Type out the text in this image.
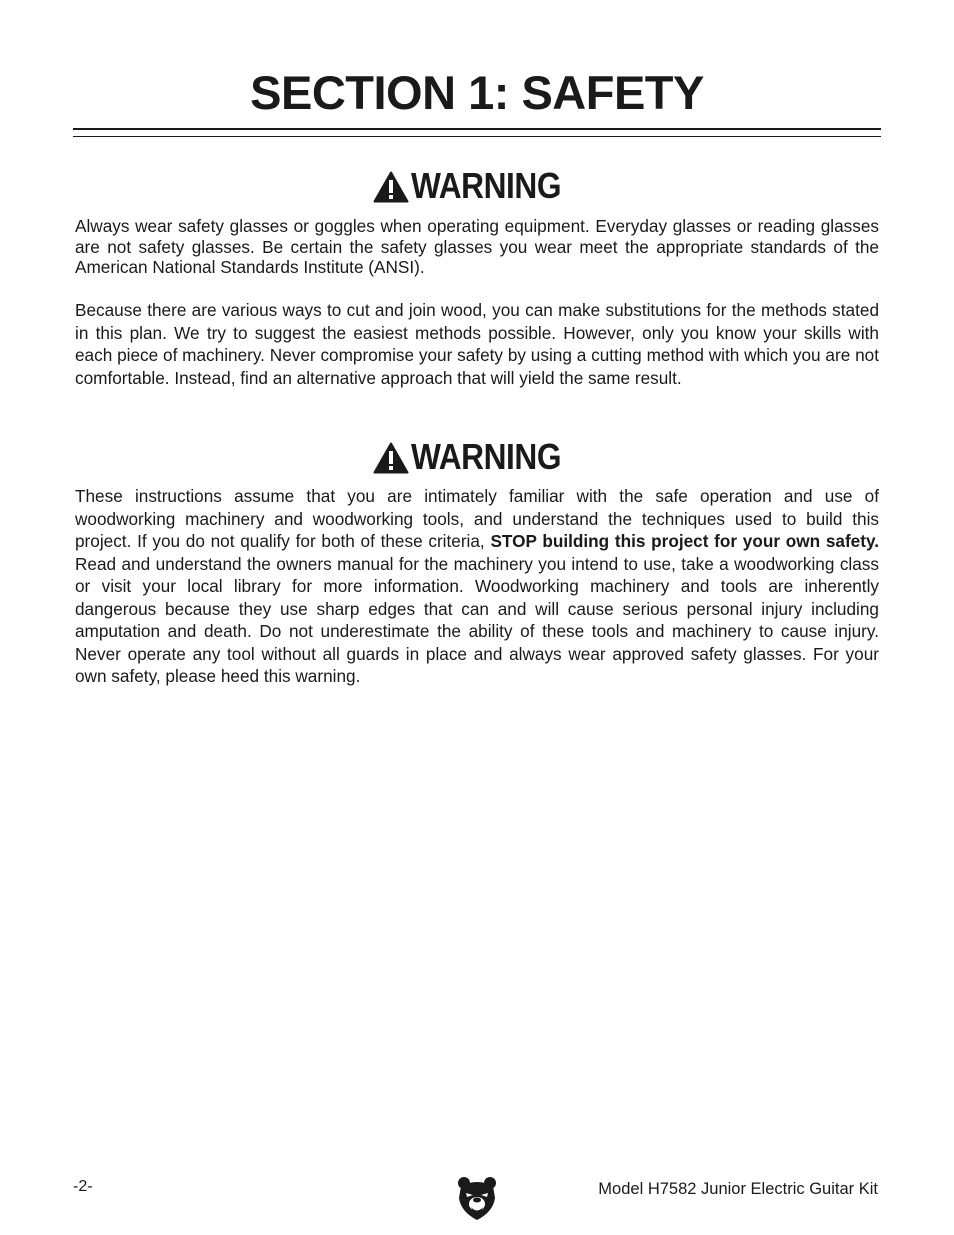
SECTION 1: SAFETY
WARNING

Always wear safety glasses or goggles when operating equipment. Everyday glasses or reading glasses are not safety glasses. Be certain the safety glasses you wear meet the appropriate standards of the American National Standards Institute (ANSI).

Because there are various ways to cut and join wood, you can make substitutions for the methods stated in this plan. We try to suggest the easiest methods possible. However, only you know your skills with each piece of machinery. Never compromise your safety by using a cutting method with which you are not comfortable. Instead, find an alternative approach that will yield the same result.

WARNING

These instructions assume that you are intimately familiar with the safe operation and use of woodworking machinery and woodworking tools, and understand the techniques used to build this project. If you do not qualify for both of these criteria, STOP building this project for your own safety. Read and understand the owners manual for the machinery you intend to use, take a woodworking class or visit your local library for more information. Woodworking machinery and tools are inherently dangerous because they use sharp edges that can and will cause serious personal injury including amputation and death. Do not underestimate the ability of these tools and machinery to cause injury. Never operate any tool without all guards in place and always wear approved safety glasses. For your own safety, please heed this warning.

-2-	Model H7582 Junior Electric Guitar Kit
